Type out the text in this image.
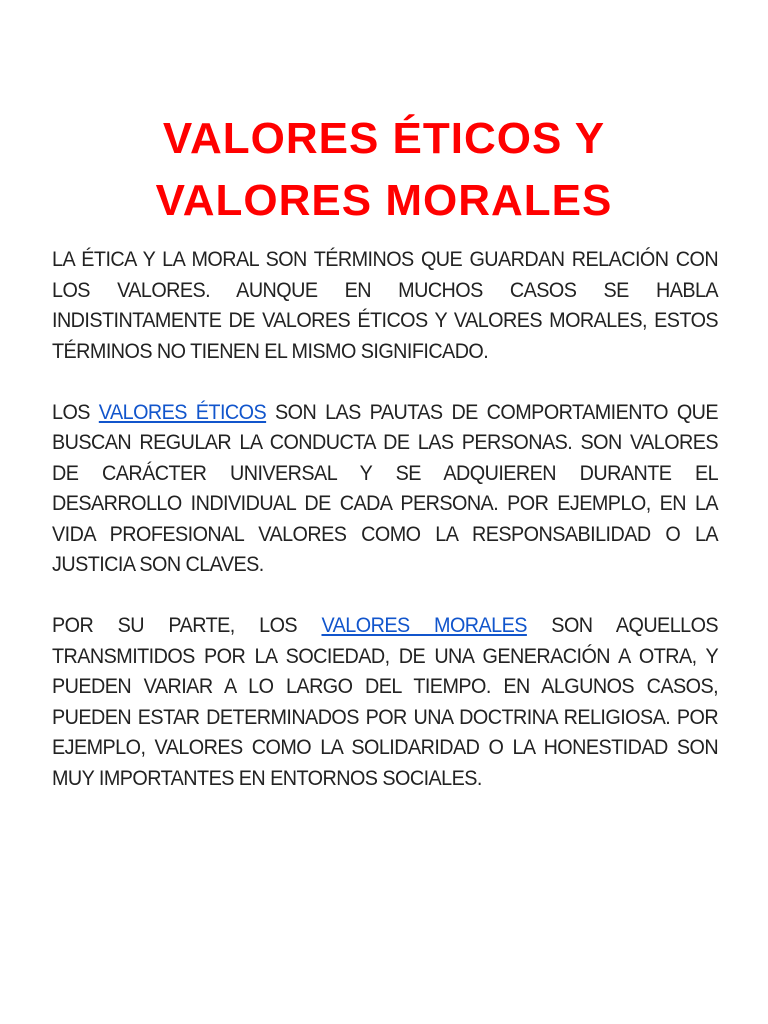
VALORES ÉTICOS Y
VALORES MORALES

LA ÉTICA Y LA MORAL SON TÉRMINOS QUE GUARDAN RELACIÓN CON LOS VALORES. AUNQUE EN MUCHOS CASOS SE HABLA INDISTINTAMENTE DE VALORES ÉTICOS Y VALORES MORALES, ESTOS TÉRMINOS NO TIENEN EL MISMO SIGNIFICADO.

LOS VALORES ÉTICOS SON LAS PAUTAS DE COMPORTAMIENTO QUE BUSCAN REGULAR LA CONDUCTA DE LAS PERSONAS. SON VALORES DE CARÁCTER UNIVERSAL Y SE ADQUIEREN DURANTE EL DESARROLLO INDIVIDUAL DE CADA PERSONA. POR EJEMPLO, EN LA VIDA PROFESIONAL VALORES COMO LA RESPONSABILIDAD O LA JUSTICIA SON CLAVES.

POR SU PARTE, LOS VALORES MORALES SON AQUELLOS TRANSMITIDOS POR LA SOCIEDAD, DE UNA GENERACIÓN A OTRA, Y PUEDEN VARIAR A LO LARGO DEL TIEMPO. EN ALGUNOS CASOS, PUEDEN ESTAR DETERMINADOS POR UNA DOCTRINA RELIGIOSA. POR EJEMPLO, VALORES COMO LA SOLIDARIDAD O LA HONESTIDAD SON MUY IMPORTANTES EN ENTORNOS SOCIALES.
